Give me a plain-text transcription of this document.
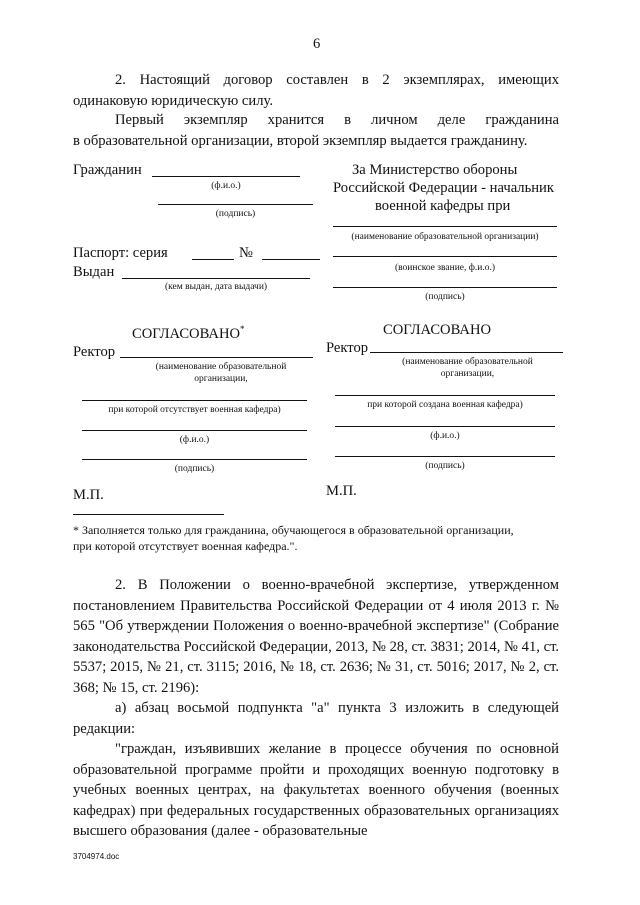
6

2. Настоящий договор составлен в 2 экземплярах, имеющих

одинаковую юридическую силу.

Первый экземпляр хранится в личном деле гражданина

в образовательной организации, второй экземпляр выдается гражданину.

Гражданин
(ф.и.о.)
(подпись)
Паспорт: серия	№
Выдан
(кем выдан, дата выдачи)
За Министерство обороны
Российской Федерации - начальник
военной кафедры при
(наименование образовательной организации)
(воинское звание, ф.и.о.)
(подпись)
СОГЛАСОВАНО*
Ректор
(наименование образовательной организации,
при которой отсутствует военная кафедра)
(ф.и.о.)
(подпись)
М.П.
СОГЛАСОВАНО
Ректор
(наименование образовательной организации,
при которой создана военная кафедра)
(ф.и.о.)
(подпись)
М.П.
* Заполняется только для гражданина, обучающегося в образовательной организации,
при которой отсутствует военная кафедра.".

2. В Положении о военно-врачебной экспертизе, утвержденном постановлением Правительства Российской Федерации от 4 июля 2013 г. № 565 "Об утверждении Положения о военно-врачебной экспертизе" (Собрание законодательства Российской Федерации, 2013, № 28, ст. 3831; 2014, № 41, ст. 5537; 2015, № 21, ст. 3115; 2016, № 18, ст. 2636; № 31, ст. 5016; 2017, № 2, ст. 368; № 15, ст. 2196):

а) абзац восьмой подпункта "а" пункта 3 изложить в следующей редакции:

"граждан, изъявивших желание в процессе обучения по основной образовательной программе пройти и проходящих военную подготовку в учебных военных центрах, на факультетах военного обучения (военных кафедрах) при федеральных государственных образовательных организациях высшего образования (далее - образовательные

3704974.doc
